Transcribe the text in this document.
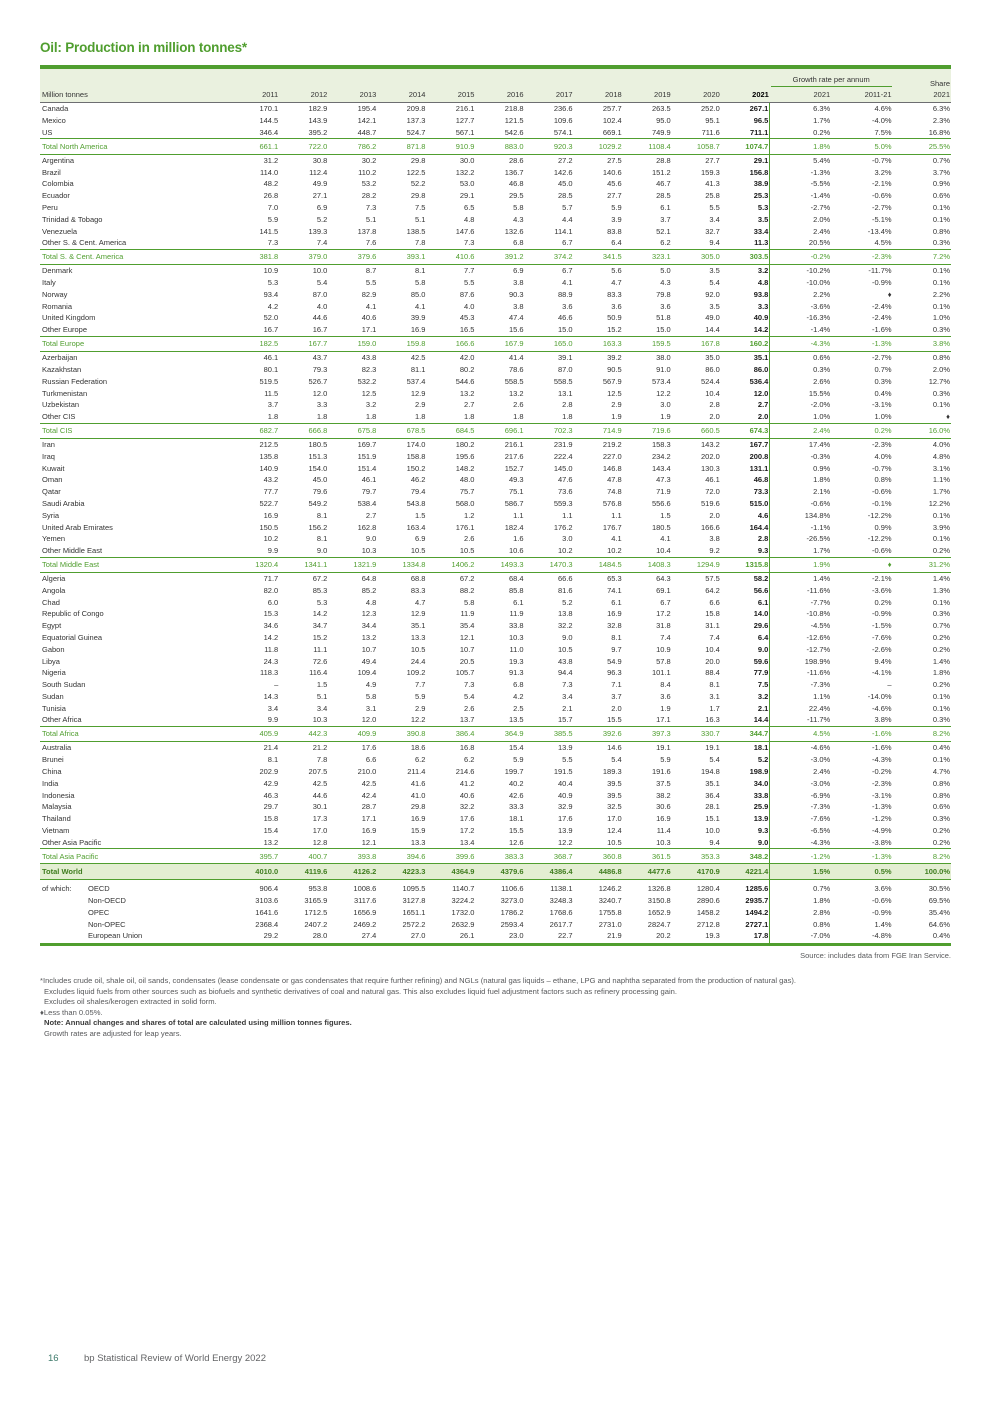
Oil: Production in million tonnes*

												Growth rate per annum		Share
Million tonnes	2011	2012	2013	2014	2015	2016	2017	2018	2019	2020	2021	2021	2011-21	2021
Canada	170.1	182.9	195.4	209.8	216.1	218.8	236.6	257.7	263.5	252.0	267.1	6.3%	4.6%	6.3%
Mexico	144.5	143.9	142.1	137.3	127.7	121.5	109.6	102.4	95.0	95.1	96.5	1.7%	-4.0%	2.3%
US	346.4	395.2	448.7	524.7	567.1	542.6	574.1	669.1	749.9	711.6	711.1	0.2%	7.5%	16.8%
Total North America	661.1	722.0	786.2	871.8	910.9	883.0	920.3	1029.2	1108.4	1058.7	1074.7	1.8%	5.0%	25.5%
Argentina	31.2	30.8	30.2	29.8	30.0	28.6	27.2	27.5	28.8	27.7	29.1	5.4%	-0.7%	0.7%
Brazil	114.0	112.4	110.2	122.5	132.2	136.7	142.6	140.6	151.2	159.3	156.8	-1.3%	3.2%	3.7%
Colombia	48.2	49.9	53.2	52.2	53.0	46.8	45.0	45.6	46.7	41.3	38.9	-5.5%	-2.1%	0.9%
Ecuador	26.8	27.1	28.2	29.8	29.1	29.5	28.5	27.7	28.5	25.8	25.3	-1.4%	-0.6%	0.6%
Peru	7.0	6.9	7.3	7.5	6.5	5.8	5.7	5.9	6.1	5.5	5.3	-2.7%	-2.7%	0.1%
Trinidad & Tobago	5.9	5.2	5.1	5.1	4.8	4.3	4.4	3.9	3.7	3.4	3.5	2.0%	-5.1%	0.1%
Venezuela	141.5	139.3	137.8	138.5	147.6	132.6	114.1	83.8	52.1	32.7	33.4	2.4%	-13.4%	0.8%
Other S. & Cent. America	7.3	7.4	7.6	7.8	7.3	6.8	6.7	6.4	6.2	9.4	11.3	20.5%	4.5%	0.3%
Total S. & Cent. America	381.8	379.0	379.6	393.1	410.6	391.2	374.2	341.5	323.1	305.0	303.5	-0.2%	-2.3%	7.2%
Denmark	10.9	10.0	8.7	8.1	7.7	6.9	6.7	5.6	5.0	3.5	3.2	-10.2%	-11.7%	0.1%
Italy	5.3	5.4	5.5	5.8	5.5	3.8	4.1	4.7	4.3	5.4	4.8	-10.0%	-0.9%	0.1%
Norway	93.4	87.0	82.9	85.0	87.6	90.3	88.9	83.3	79.8	92.0	93.8	2.2%	♦	2.2%
Romania	4.2	4.0	4.1	4.1	4.0	3.8	3.6	3.6	3.6	3.5	3.3	-3.6%	-2.4%	0.1%
United Kingdom	52.0	44.6	40.6	39.9	45.3	47.4	46.6	50.9	51.8	49.0	40.9	-16.3%	-2.4%	1.0%
Other Europe	16.7	16.7	17.1	16.9	16.5	15.6	15.0	15.2	15.0	14.4	14.2	-1.4%	-1.6%	0.3%
Total Europe	182.5	167.7	159.0	159.8	166.6	167.9	165.0	163.3	159.5	167.8	160.2	-4.3%	-1.3%	3.8%
Azerbaijan	46.1	43.7	43.8	42.5	42.0	41.4	39.1	39.2	38.0	35.0	35.1	0.6%	-2.7%	0.8%
Kazakhstan	80.1	79.3	82.3	81.1	80.2	78.6	87.0	90.5	91.0	86.0	86.0	0.3%	0.7%	2.0%
Russian Federation	519.5	526.7	532.2	537.4	544.6	558.5	558.5	567.9	573.4	524.4	536.4	2.6%	0.3%	12.7%
Turkmenistan	11.5	12.0	12.5	12.9	13.2	13.2	13.1	12.5	12.2	10.4	12.0	15.5%	0.4%	0.3%
Uzbekistan	3.7	3.3	3.2	2.9	2.7	2.6	2.8	2.9	3.0	2.8	2.7	-2.0%	-3.1%	0.1%
Other CIS	1.8	1.8	1.8	1.8	1.8	1.8	1.8	1.9	1.9	2.0	2.0	1.0%	1.0%	♦
Total CIS	682.7	666.8	675.8	678.5	684.5	696.1	702.3	714.9	719.6	660.5	674.3	2.4%	0.2%	16.0%
Iran	212.5	180.5	169.7	174.0	180.2	216.1	231.9	219.2	158.3	143.2	167.7	17.4%	-2.3%	4.0%
Iraq	135.8	151.3	151.9	158.8	195.6	217.6	222.4	227.0	234.2	202.0	200.8	-0.3%	4.0%	4.8%
Kuwait	140.9	154.0	151.4	150.2	148.2	152.7	145.0	146.8	143.4	130.3	131.1	0.9%	-0.7%	3.1%
Oman	43.2	45.0	46.1	46.2	48.0	49.3	47.6	47.8	47.3	46.1	46.8	1.8%	0.8%	1.1%
Qatar	77.7	79.6	79.7	79.4	75.7	75.1	73.6	74.8	71.9	72.0	73.3	2.1%	-0.6%	1.7%
Saudi Arabia	522.7	549.2	538.4	543.8	568.0	586.7	559.3	576.8	556.6	519.6	515.0	-0.6%	-0.1%	12.2%
Syria	16.9	8.1	2.7	1.5	1.2	1.1	1.1	1.1	1.5	2.0	4.6	134.8%	-12.2%	0.1%
United Arab Emirates	150.5	156.2	162.8	163.4	176.1	182.4	176.2	176.7	180.5	166.6	164.4	-1.1%	0.9%	3.9%
Yemen	10.2	8.1	9.0	6.9	2.6	1.6	3.0	4.1	4.1	3.8	2.8	-26.5%	-12.2%	0.1%
Other Middle East	9.9	9.0	10.3	10.5	10.5	10.6	10.2	10.2	10.4	9.2	9.3	1.7%	-0.6%	0.2%
Total Middle East	1320.4	1341.1	1321.9	1334.8	1406.2	1493.3	1470.3	1484.5	1408.3	1294.9	1315.8	1.9%	♦	31.2%
Algeria	71.7	67.2	64.8	68.8	67.2	68.4	66.6	65.3	64.3	57.5	58.2	1.4%	-2.1%	1.4%
Angola	82.0	85.3	85.2	83.3	88.2	85.8	81.6	74.1	69.1	64.2	56.6	-11.6%	-3.6%	1.3%
Chad	6.0	5.3	4.8	4.7	5.8	6.1	5.2	6.1	6.7	6.6	6.1	-7.7%	0.2%	0.1%
Republic of Congo	15.3	14.2	12.3	12.9	11.9	11.9	13.8	16.9	17.2	15.8	14.0	-10.8%	-0.9%	0.3%
Egypt	34.6	34.7	34.4	35.1	35.4	33.8	32.2	32.8	31.8	31.1	29.6	-4.5%	-1.5%	0.7%
Equatorial Guinea	14.2	15.2	13.2	13.3	12.1	10.3	9.0	8.1	7.4	7.4	6.4	-12.6%	-7.6%	0.2%
Gabon	11.8	11.1	10.7	10.5	10.7	11.0	10.5	9.7	10.9	10.4	9.0	-12.7%	-2.6%	0.2%
Libya	24.3	72.6	49.4	24.4	20.5	19.3	43.8	54.9	57.8	20.0	59.6	198.9%	9.4%	1.4%
Nigeria	118.3	116.4	109.4	109.2	105.7	91.3	94.4	96.3	101.1	88.4	77.9	-11.6%	-4.1%	1.8%
South Sudan	–	1.5	4.9	7.7	7.3	6.8	7.3	7.1	8.4	8.1	7.5	-7.3%	–	0.2%
Sudan	14.3	5.1	5.8	5.9	5.4	4.2	3.4	3.7	3.6	3.1	3.2	1.1%	-14.0%	0.1%
Tunisia	3.4	3.4	3.1	2.9	2.6	2.5	2.1	2.0	1.9	1.7	2.1	22.4%	-4.6%	0.1%
Other Africa	9.9	10.3	12.0	12.2	13.7	13.5	15.7	15.5	17.1	16.3	14.4	-11.7%	3.8%	0.3%
Total Africa	405.9	442.3	409.9	390.8	386.4	364.9	385.5	392.6	397.3	330.7	344.7	4.5%	-1.6%	8.2%
Australia	21.4	21.2	17.6	18.6	16.8	15.4	13.9	14.6	19.1	19.1	18.1	-4.6%	-1.6%	0.4%
Brunei	8.1	7.8	6.6	6.2	6.2	5.9	5.5	5.4	5.9	5.4	5.2	-3.0%	-4.3%	0.1%
China	202.9	207.5	210.0	211.4	214.6	199.7	191.5	189.3	191.6	194.8	198.9	2.4%	-0.2%	4.7%
India	42.9	42.5	42.5	41.6	41.2	40.2	40.4	39.5	37.5	35.1	34.0	-3.0%	-2.3%	0.8%
Indonesia	46.3	44.6	42.4	41.0	40.6	42.6	40.9	39.5	38.2	36.4	33.8	-6.9%	-3.1%	0.8%
Malaysia	29.7	30.1	28.7	29.8	32.2	33.3	32.9	32.5	30.6	28.1	25.9	-7.3%	-1.3%	0.6%
Thailand	15.8	17.3	17.1	16.9	17.6	18.1	17.6	17.0	16.9	15.1	13.9	-7.6%	-1.2%	0.3%
Vietnam	15.4	17.0	16.9	15.9	17.2	15.5	13.9	12.4	11.4	10.0	9.3	-6.5%	-4.9%	0.2%
Other Asia Pacific	13.2	12.8	12.1	13.3	13.4	12.6	12.2	10.5	10.3	9.4	9.0	-4.3%	-3.8%	0.2%
Total Asia Pacific	395.7	400.7	393.8	394.6	399.6	383.3	368.7	360.8	361.5	353.3	348.2	-1.2%	-1.3%	8.2%
Total World	4010.0	4119.6	4126.2	4223.3	4364.9	4379.6	4386.4	4486.8	4477.6	4170.9	4221.4	1.5%	0.5%	100.0%
of which: OECD	906.4	953.8	1008.6	1095.5	1140.7	1106.6	1138.1	1246.2	1326.8	1280.4	1285.6	0.7%	3.6%	30.5%
Non-OECD	3103.6	3165.9	3117.6	3127.8	3224.2	3273.0	3248.3	3240.7	3150.8	2890.6	2935.7	1.8%	-0.6%	69.5%
OPEC	1641.6	1712.5	1656.9	1651.1	1732.0	1786.2	1768.6	1755.8	1652.9	1458.2	1494.2	2.8%	-0.9%	35.4%
Non-OPEC	2368.4	2407.2	2469.2	2572.2	2632.9	2593.4	2617.7	2731.0	2824.7	2712.8	2727.1	0.8%	1.4%	64.6%
European Union	29.2	28.0	27.4	27.0	26.1	23.0	22.7	21.9	20.2	19.3	17.8	-7.0%	-4.8%	0.4%
Source: includes data from FGE Iran Service.
*Includes crude oil, shale oil, oil sands, condensates (lease condensate or gas condensates that require further refining) and NGLs (natural gas liquids – ethane, LPG and naphtha separated from the production of natural gas).
Excludes liquid fuels from other sources such as biofuels and synthetic derivatives of coal and natural gas. This also excludes liquid fuel adjustment factors such as refinery processing gain.
Excludes oil shales/kerogen extracted in solid form.
♦Less than 0.05%.
Note: Annual changes and shares of total are calculated using million tonnes figures.
Growth rates are adjusted for leap years.
16	bp Statistical Review of World Energy 2022
